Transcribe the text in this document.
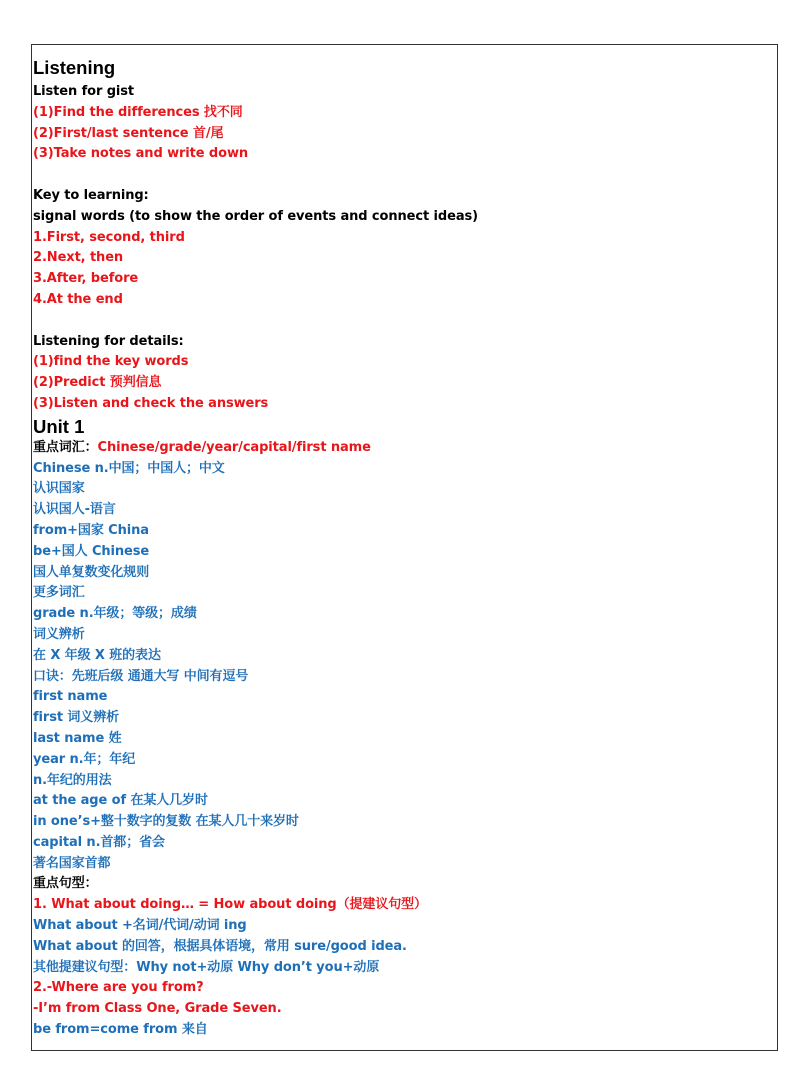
Listening
Listen for gist
(1)Find the differences 找不同
(2)First/last sentence 首/尾
(3)Take notes and write down
Key to learning:
signal words (to show the order of events and connect ideas)
1.First, second, third
2.Next, then
3.After, before
4.At the end
Listening for details:
(1)find the key words
(2)Predict 预判信息
(3)Listen and check the answers
Unit 1
重点词汇：Chinese/grade/year/capital/first name
Chinese n.中国；中国人；中文
认识国家
认识国人-语言
from+国家 China
be+国人 Chinese
国人单复数变化规则
更多词汇
grade n.年级；等级；成绩
词义辨析
在 X 年级 X 班的表达
口诀：先班后级 通通大写 中间有逗号
first name
first 词义辨析
last name 姓
year n.年；年纪
n.年纪的用法
at the age of 在某人几岁时
in one’s+整十数字的复数 在某人几十来岁时
capital n.首都；省会
著名国家首都
重点句型：
1. What about doing… = How about doing（提建议句型）
What about +名词/代词/动词 ing
What about 的回答，根据具体语境，常用 sure/good idea.
其他提建议句型：Why not+动原 Why don’t you+动原
2.-Where are you from?
-I’m from Class One, Grade Seven.
be from=come from 来自
